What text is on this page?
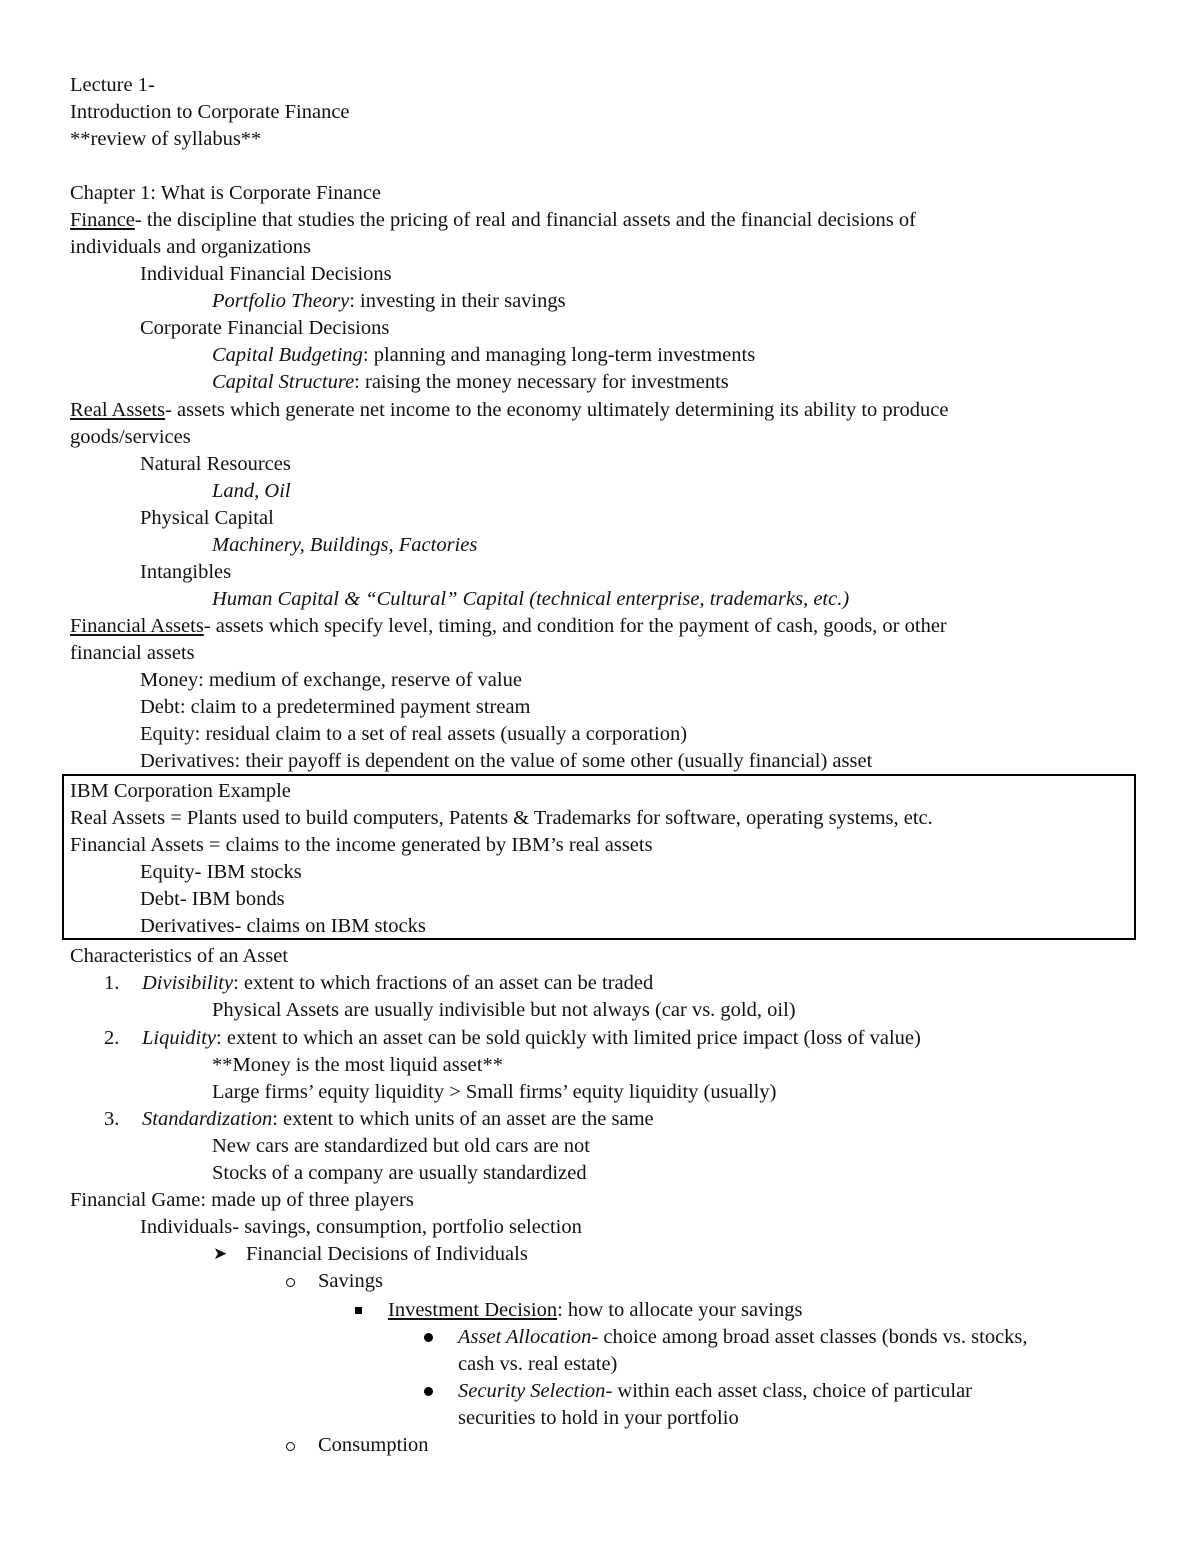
Lecture 1-
Introduction to Corporate Finance
**review of syllabus**
Chapter 1: What is Corporate Finance
Finance- the discipline that studies the pricing of real and financial assets and the financial decisions of
individuals and organizations
Individual Financial Decisions
Portfolio Theory: investing in their savings
Corporate Financial Decisions
Capital Budgeting: planning and managing long-term investments
Capital Structure: raising the money necessary for investments
Real Assets- assets which generate net income to the economy ultimately determining its ability to produce
goods/services
Natural Resources
Land, Oil
Physical Capital
Machinery, Buildings, Factories
Intangibles
Human Capital & “Cultural” Capital (technical enterprise, trademarks, etc.)
Financial Assets- assets which specify level, timing, and condition for the payment of cash, goods, or other
financial assets
Money: medium of exchange, reserve of value
Debt: claim to a predetermined payment stream
Equity: residual claim to a set of real assets (usually a corporation)
Derivatives: their payoff is dependent on the value of some other (usually financial) asset
IBM Corporation Example
Real Assets = Plants used to build computers, Patents & Trademarks for software, operating systems, etc.
Financial Assets = claims to the income generated by IBM’s real assets
Equity- IBM stocks
Debt- IBM bonds
Derivatives- claims on IBM stocks
Characteristics of an Asset
1. Divisibility: extent to which fractions of an asset can be traded
Physical Assets are usually indivisible but not always (car vs. gold, oil)
2. Liquidity: extent to which an asset can be sold quickly with limited price impact (loss of value)
**Money is the most liquid asset**
Large firms’ equity liquidity > Small firms’ equity liquidity (usually)
3. Standardization: extent to which units of an asset are the same
New cars are standardized but old cars are not
Stocks of a company are usually standardized
Financial Game: made up of three players
Individuals- savings, consumption, portfolio selection
➤ Financial Decisions of Individuals
Savings
Investment Decision: how to allocate your savings
Asset Allocation- choice among broad asset classes (bonds vs. stocks,
cash vs. real estate)
Security Selection- within each asset class, choice of particular
securities to hold in your portfolio
Consumption
